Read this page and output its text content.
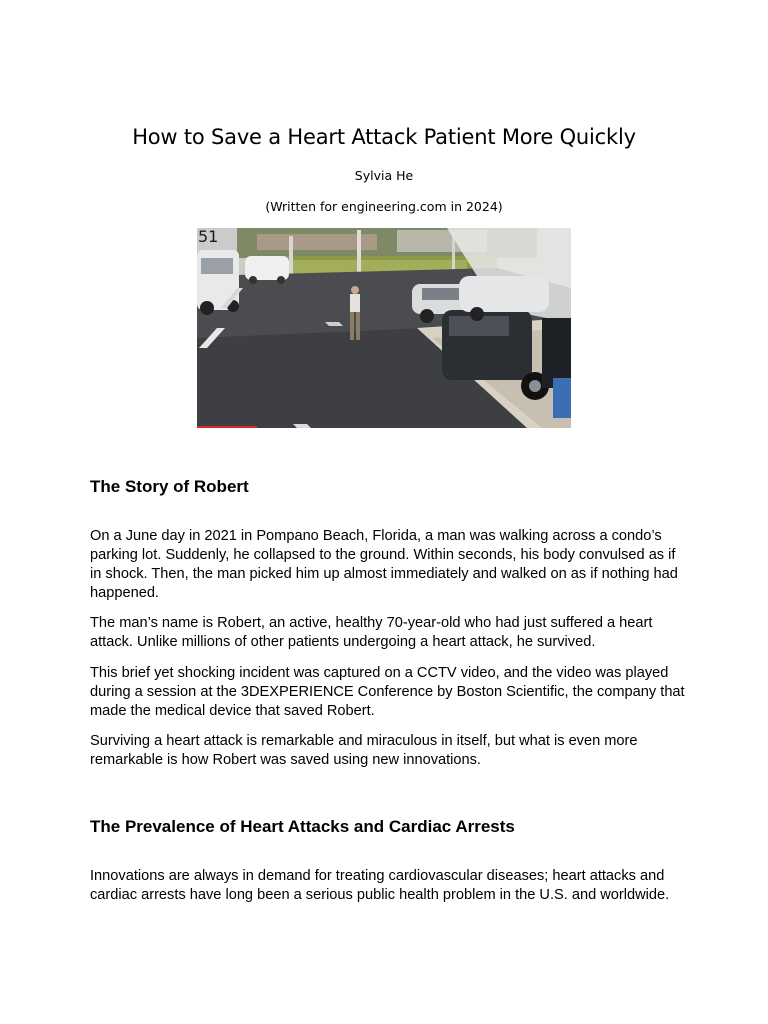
How to Save a Heart Attack Patient More Quickly
Sylvia He
(Written for engineering.com in 2024)
51
The Story of Robert

On a June day in 2021 in Pompano Beach, Florida, a man was walking across a condo’s parking lot. Suddenly, he collapsed to the ground. Within seconds, his body convulsed as if in shock. Then, the man picked him up almost immediately and walked on as if nothing had happened.

The man’s name is Robert, an active, healthy 70-year-old who had just suffered a heart attack. Unlike millions of other patients undergoing a heart attack, he survived.

This brief yet shocking incident was captured on a CCTV video, and the video was played during a session at the 3DEXPERIENCE Conference by Boston Scientific, the company that made the medical device that saved Robert.

Surviving a heart attack is remarkable and miraculous in itself, but what is even more remarkable is how Robert was saved using new innovations.

The Prevalence of Heart Attacks and Cardiac Arrests

Innovations are always in demand for treating cardiovascular diseases; heart attacks and cardiac arrests have long been a serious public health problem in the U.S. and worldwide.
